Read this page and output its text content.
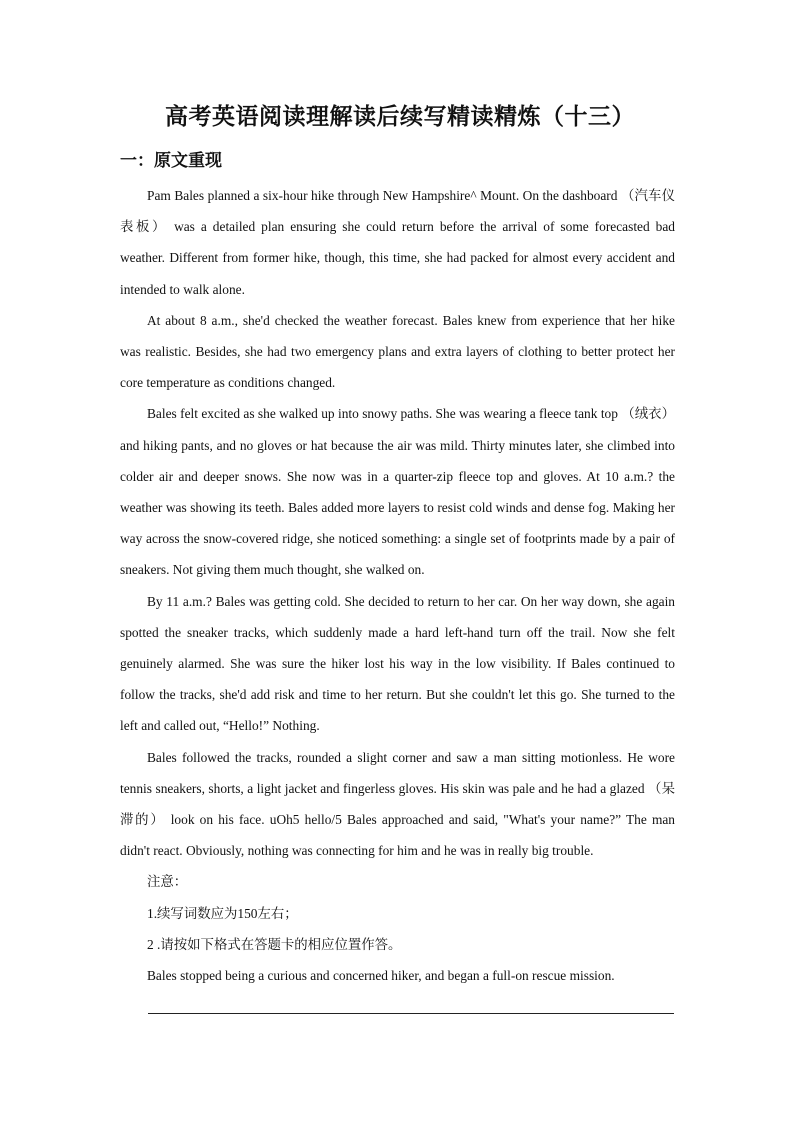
高考英语阅读理解读后续写精读精炼（十三）
一：原文重现

Pam Bales planned a six-hour hike through New Hampshire^ Mount. On the dashboard （汽车仪表板） was a detailed plan ensuring she could return before the arrival of some forecasted bad weather. Different from former hike, though, this time, she had packed for almost every accident and intended to walk alone.

At about 8 a.m., she'd checked the weather forecast. Bales knew from experience that her hike was realistic. Besides, she had two emergency plans and extra layers of clothing to better protect her core temperature as conditions changed.

Bales felt excited as she walked up into snowy paths. She was wearing a fleece tank top （绒衣） and hiking pants, and no gloves or hat because the air was mild. Thirty minutes later, she climbed into colder air and deeper snows. She now was in a quarter-zip fleece top and gloves. At 10 a.m.? the weather was showing its teeth. Bales added more layers to resist cold winds and dense fog. Making her way across the snow-covered ridge, she noticed something: a single set of footprints made by a pair of sneakers. Not giving them much thought, she walked on.

By 11 a.m.? Bales was getting cold. She decided to return to her car. On her way down, she again spotted the sneaker tracks, which suddenly made a hard left-hand turn off the trail. Now she felt genuinely alarmed. She was sure the hiker lost his way in the low visibility. If Bales continued to follow the tracks, she'd add risk and time to her return. But she couldn't let this go. She turned to the left and called out, “Hello!” Nothing.

Bales followed the tracks, rounded a slight corner and saw a man sitting motionless. He wore tennis sneakers, shorts, a light jacket and fingerless gloves. His skin was pale and he had a glazed （呆滞的） look on his face. uOh5 hello/5 Bales approached and said, "What's your name?” The man didn't react. Obviously, nothing was connecting for him and he was in really big trouble.

注意：

1.续写词数应为150左右；

2 .请按如下格式在答题卡的相应位置作答。

Bales stopped being a curious and concerned hiker, and began a full-on rescue mission.
